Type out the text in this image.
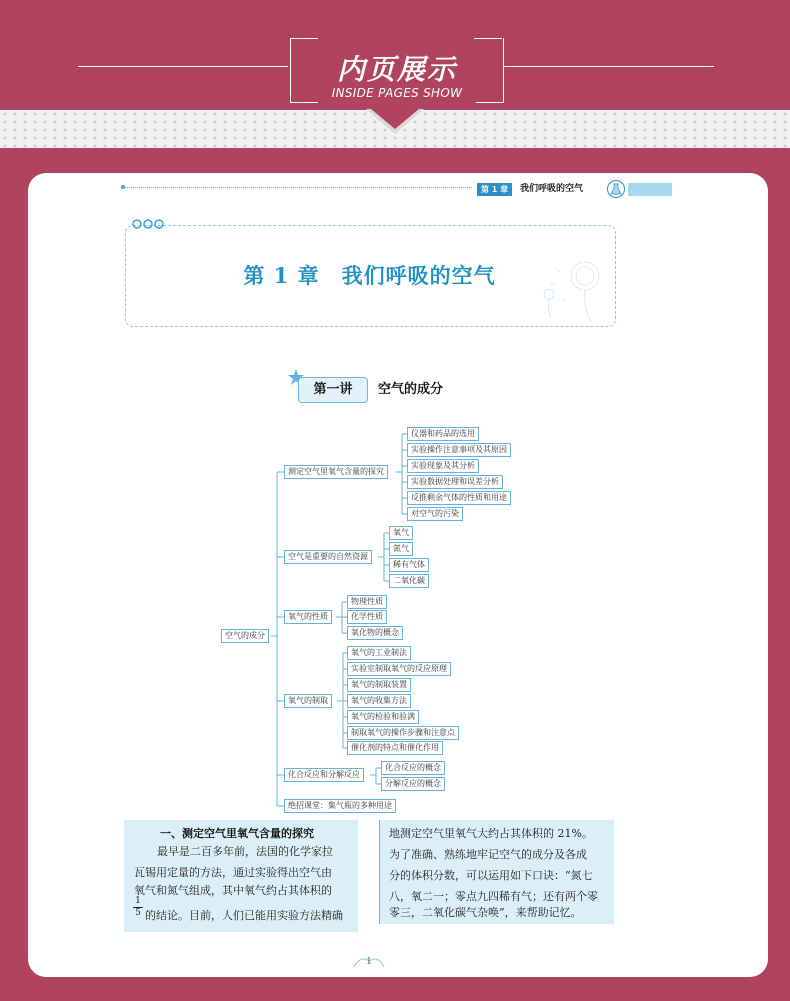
内页展示
INSIDE PAGES SHOW
第 1 章	我们呼吸的空气
第 1 章　我们呼吸的空气
第一讲	空气的成分
空气的成分
测定空气里氧气含量的探究
仪器和药品的选用
实验操作注意事项及其原因
实验现象及其分析
实验数据处理和误差分析
反推剩余气体的性质和用途
对空气的污染
空气是重要的自然资源
氧气
氮气
稀有气体
二氧化碳
氧气的性质
物理性质
化学性质
氧化物的概念
氧气的制取
氧气的工业制法
实验室制取氧气的反应原理
氧气的制取装置
氧气的收集方法
氧气的检验和验满
制取氧气的操作步骤和注意点
催化剂的特点和催化作用
化合反应和分解反应
化合反应的概念
分解反应的概念
绝招课堂：集气瓶的多种用途
一、测定空气里氧气含量的探究
最早是二百多年前，法国的化学家拉
瓦锡用定量的方法，通过实验得出空气由
氧气和氮气组成，其中氧气约占其体积的
1
5 的结论。目前，人们已能用实验方法精确
地测定空气里氧气大约占其体积的 21%。
为了准确、熟练地牢记空气的成分及各成
分的体积分数，可以运用如下口诀：“氮七
八，氧二一；零点九四稀有气；还有两个零
零三，二氧化碳气杂唤”，来帮助记忆。
1
